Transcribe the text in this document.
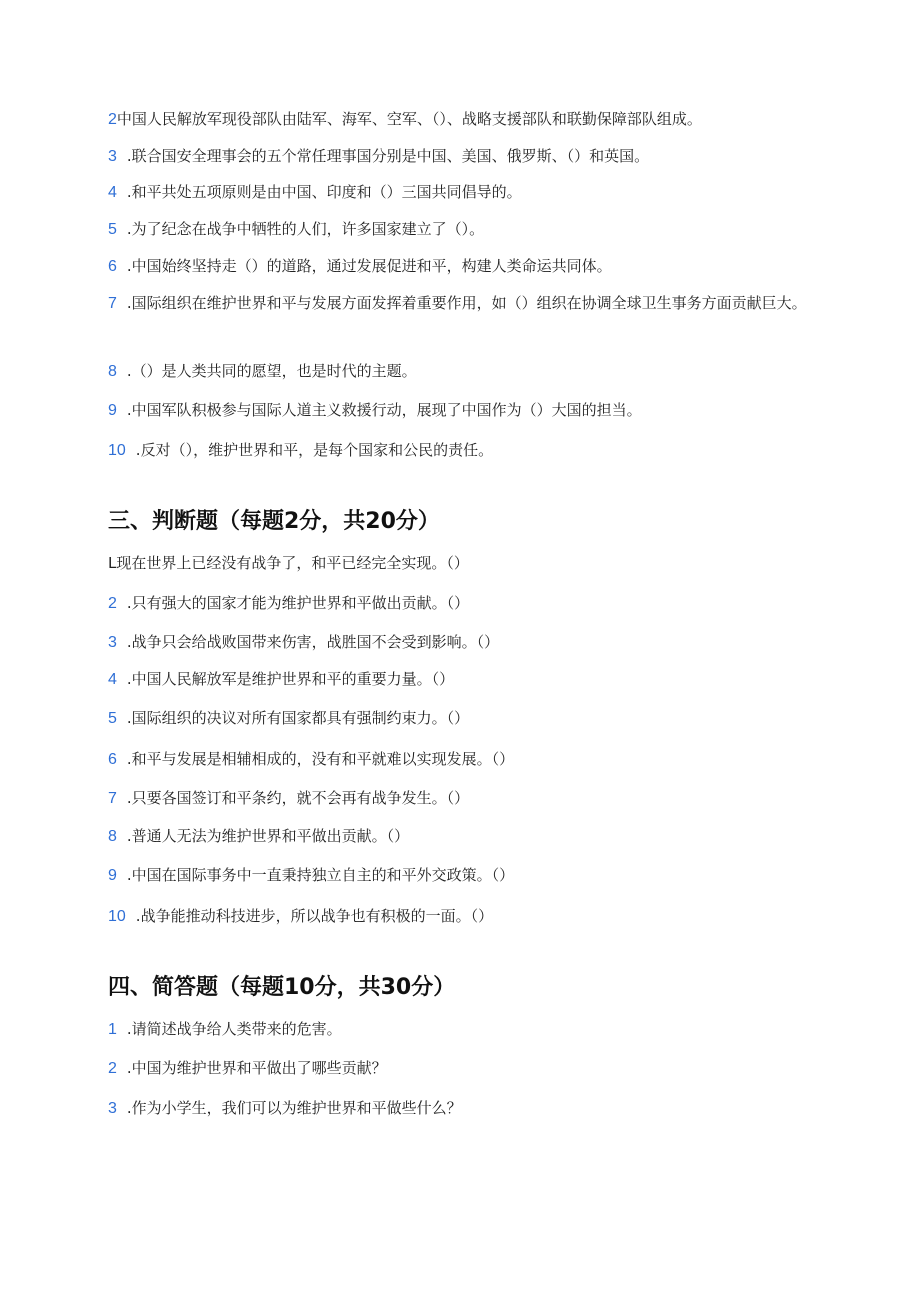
2中国人民解放军现役部队由陆军、海军、空军、（）、战略支援部队和联勤保障部队组成。
3 .联合国安全理事会的五个常任理事国分别是中国、美国、俄罗斯、（）和英国。
4 .和平共处五项原则是由中国、印度和（）三国共同倡导的。
5 .为了纪念在战争中牺牲的人们，许多国家建立了（）。
6 .中国始终坚持走（）的道路，通过发展促进和平，构建人类命运共同体。
7 .国际组织在维护世界和平与发展方面发挥着重要作用，如（）组织在协调全球卫生事务方面贡献巨大。
8 .（）是人类共同的愿望，也是时代的主题。
9 .中国军队积极参与国际人道主义救援行动，展现了中国作为（）大国的担当。
10 .反对（），维护世界和平，是每个国家和公民的责任。
三、判断题（每题2分，共20分）
L现在世界上已经没有战争了，和平已经完全实现。（）
2 .只有强大的国家才能为维护世界和平做出贡献。（）
3 .战争只会给战败国带来伤害，战胜国不会受到影响。（）
4 .中国人民解放军是维护世界和平的重要力量。（）
5 .国际组织的决议对所有国家都具有强制约束力。（）
6 .和平与发展是相辅相成的，没有和平就难以实现发展。（）
7 .只要各国签订和平条约，就不会再有战争发生。（）
8 .普通人无法为维护世界和平做出贡献。（）
9 .中国在国际事务中一直秉持独立自主的和平外交政策。（）
10 .战争能推动科技进步，所以战争也有积极的一面。（）
四、简答题（每题10分，共30分）
1 .请简述战争给人类带来的危害。
2 .中国为维护世界和平做出了哪些贡献？
3 .作为小学生，我们可以为维护世界和平做些什么？
